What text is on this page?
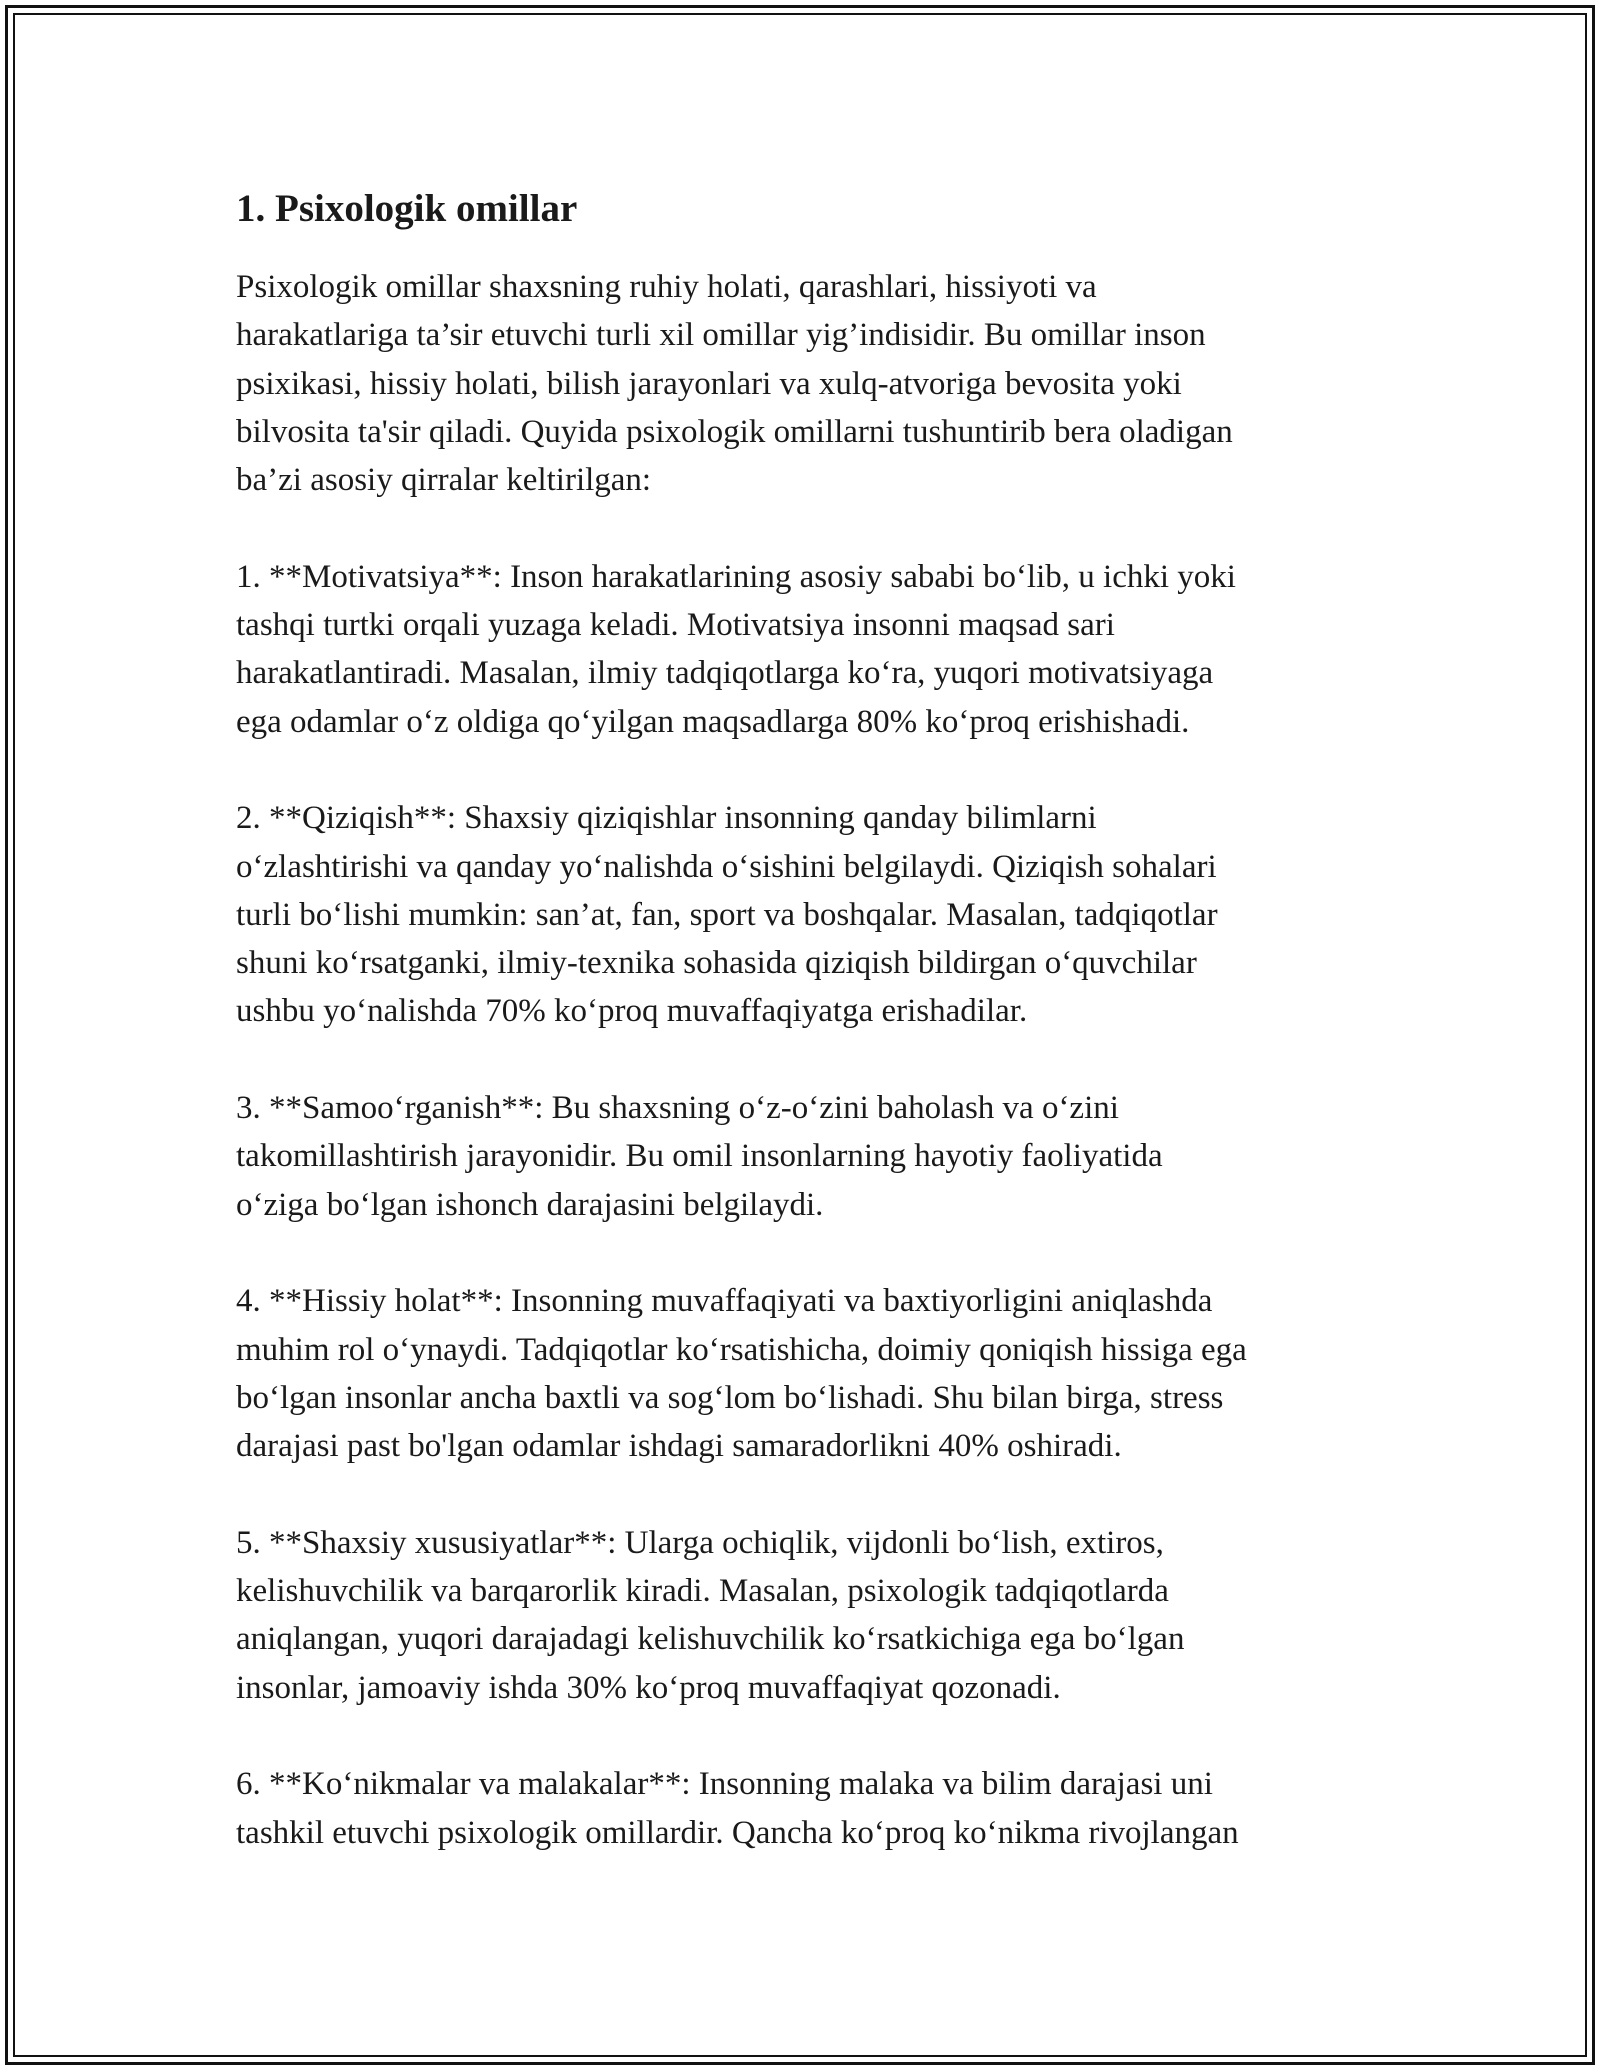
1. Psixologik omillar
Psixologik omillar shaxsning ruhiy holati, qarashlari, hissiyoti va
harakatlariga ta’sir etuvchi turli xil omillar yig’indisidir. Bu omillar inson
psixikasi, hissiy holati, bilish jarayonlari va xulq-atvoriga bevosita yoki
bilvosita ta'sir qiladi. Quyida psixologik omillarni tushuntirib bera oladigan
ba’zi asosiy qirralar keltirilgan:
1. **Motivatsiya**: Inson harakatlarining asosiy sababi bo‘lib, u ichki yoki
tashqi turtki orqali yuzaga keladi. Motivatsiya insonni maqsad sari
harakatlantiradi. Masalan, ilmiy tadqiqotlarga ko‘ra, yuqori motivatsiyaga
ega odamlar o‘z oldiga qo‘yilgan maqsadlarga 80% ko‘proq erishishadi.
2. **Qiziqish**: Shaxsiy qiziqishlar insonning qanday bilimlarni
o‘zlashtirishi va qanday yo‘nalishda o‘sishini belgilaydi. Qiziqish sohalari
turli bo‘lishi mumkin: san’at, fan, sport va boshqalar. Masalan, tadqiqotlar
shuni ko‘rsatganki, ilmiy-texnika sohasida qiziqish bildirgan o‘quvchilar
ushbu yo‘nalishda 70% ko‘proq muvaffaqiyatga erishadilar.
3. **Samoo‘rganish**: Bu shaxsning o‘z-o‘zini baholash va o‘zini
takomillashtirish jarayonidir. Bu omil insonlarning hayotiy faoliyatida
o‘ziga bo‘lgan ishonch darajasini belgilaydi.
4. **Hissiy holat**: Insonning muvaffaqiyati va baxtiyorligini aniqlashda
muhim rol o‘ynaydi. Tadqiqotlar ko‘rsatishicha, doimiy qoniqish hissiga ega
bo‘lgan insonlar ancha baxtli va sog‘lom bo‘lishadi. Shu bilan birga, stress
darajasi past bo'lgan odamlar ishdagi samaradorlikni 40% oshiradi.
5. **Shaxsiy xususiyatlar**: Ularga ochiqlik, vijdonli bo‘lish, extiros,
kelishuvchilik va barqarorlik kiradi. Masalan, psixologik tadqiqotlarda
aniqlangan, yuqori darajadagi kelishuvchilik ko‘rsatkichiga ega bo‘lgan
insonlar, jamoaviy ishda 30% ko‘proq muvaffaqiyat qozonadi.
6. **Ko‘nikmalar va malakalar**: Insonning malaka va bilim darajasi uni
tashkil etuvchi psixologik omillardir. Qancha ko‘proq ko‘nikma rivojlangan
